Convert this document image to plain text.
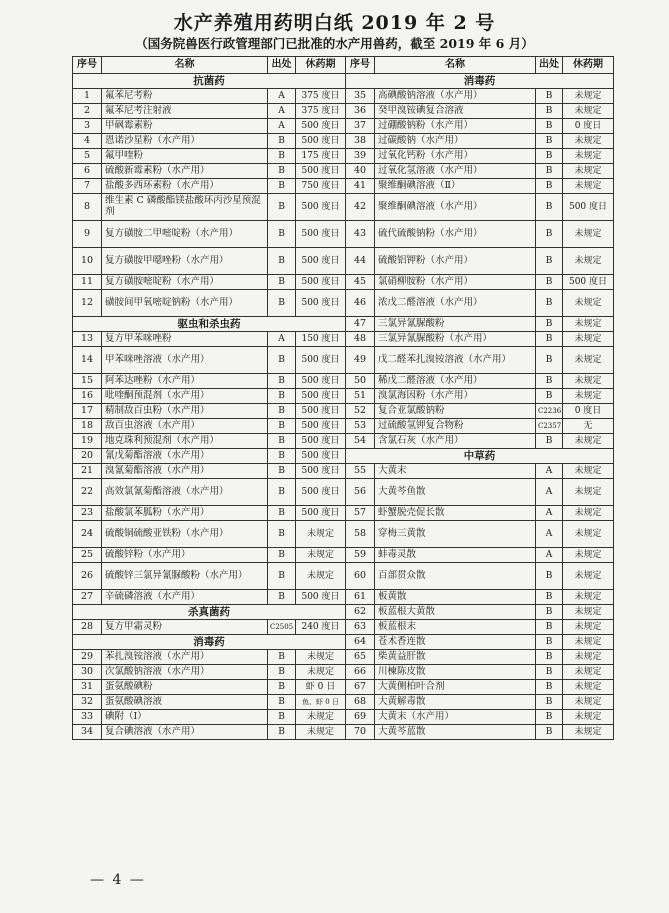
水产养殖用药明白纸 2019 年 2 号
（国务院兽医行政管理部门已批准的水产用兽药，截至 2019 年 6 月）
序号	名称	出处	休药期	序号	名称	出处	休药期
抗菌药				消毒药			
1	氟苯尼考粉	A	375 度日	35	高碘酸钠溶液（水产用）	B	未规定
2	氟苯尼考注射液	A	375 度日	36	癸甲溴铵碘复合溶液	B	未规定
3	甲砜霉素粉	A	500 度日	37	过硼酸钠粉（水产用）	B	0 度日
4	恩诺沙星粉（水产用）	B	500 度日	38	过碳酸钠（水产用）	B	未规定
5	氟甲喹粉	B	175 度日	39	过氧化钙粉（水产用）	B	未规定
6	硫酸新霉素粉（水产用）	B	500 度日	40	过氧化氢溶液（水产用）	B	未规定
7	盐酸多西环素粉（水产用）	B	750 度日	41	聚维酮碘溶液（Ⅱ）	B	未规定
8	维生素 C 磷酸酯镁盐酸环丙沙星预混剂	B	500 度日	42	聚维酮碘溶液（水产用）	B	500 度日
9	复方磺胺二甲嘧啶粉（水产用）	B	500 度日	43	硫代硫酸钠粉（水产用）	B	未规定
10	复方磺胺甲噁唑粉（水产用）	B	500 度日	44	硫酸铝钾粉（水产用）	B	未规定
11	复方磺胺嘧啶粉（水产用）	B	500 度日	45	氯硝柳胺粉（水产用）	B	500 度日
12	磺胺间甲氧嘧啶钠粉（水产用）	B	500 度日	46	浓戊二醛溶液（水产用）	B	未规定
驱虫和杀虫药				47	三氯异氰脲酸粉	B	未规定
13	复方甲苯咪唑粉	A	150 度日	48	三氯异氰脲酸粉（水产用）	B	未规定
14	甲苯咪唑溶液（水产用）	B	500 度日	49	戊二醛苯扎溴铵溶液（水产用）	B	未规定
15	阿苯达唑粉（水产用）	B	500 度日	50	稀戊二醛溶液（水产用）	B	未规定
16	吡喹酮预混剂（水产用）	B	500 度日	51	溴氯海因粉（水产用）	B	未规定
17	精制敌百虫粉（水产用）	B	500 度日	52	复合亚氯酸钠粉	C2236	0 度日
18	敌百虫溶液（水产用）	B	500 度日	53	过硫酸氢钾复合物粉	C2357	无
19	地克珠利预混剂（水产用）	B	500 度日	54	含氯石灰（水产用）	B	未规定
20	氰戊菊酯溶液（水产用）	B	500 度日	中草药			
21	溴氰菊酯溶液（水产用）	B	500 度日	55	大黄末	A	未规定
22	高效氯氰菊酯溶液（水产用）	B	500 度日	56	大黄芩鱼散	A	未规定
23	盐酸氯苯胍粉（水产用）	B	500 度日	57	虾蟹脱壳促长散	A	未规定
24	硫酸铜硫酸亚铁粉（水产用）	B	未规定	58	穿梅三黄散	A	未规定
25	硫酸锌粉（水产用）	B	未规定	59	蚌毒灵散	A	未规定
26	硫酸锌三氯异氰脲酸粉（水产用）	B	未规定	60	百部贯众散	B	未规定
27	辛硫磷溶液（水产用）	B	500 度日	61	板黄散	B	未规定
杀真菌药				62	板蓝根大黄散	B	未规定
28	复方甲霜灵粉	C2505	240 度日	63	板蓝根末	B	未规定
消毒药				64	苍术香连散	B	未规定
29	苯扎溴铵溶液（水产用）	B	未规定	65	柴黄益肝散	B	未规定
30	次氯酸钠溶液（水产用）	B	未规定	66	川楝陈皮散	B	未规定
31	蛋氨酸碘粉	B	虾 0 日	67	大黄侧柏叶合剂	B	未规定
32	蛋氨酸碘溶液	B	鱼、虾 0 日	68	大黄解毒散	B	未规定
33	碘附（Ⅰ）	B	未规定	69	大黄末（水产用）	B	未规定
34	复合碘溶液（水产用）	B	未规定	70	大黄芩蓝散	B	未规定
— 4 —
